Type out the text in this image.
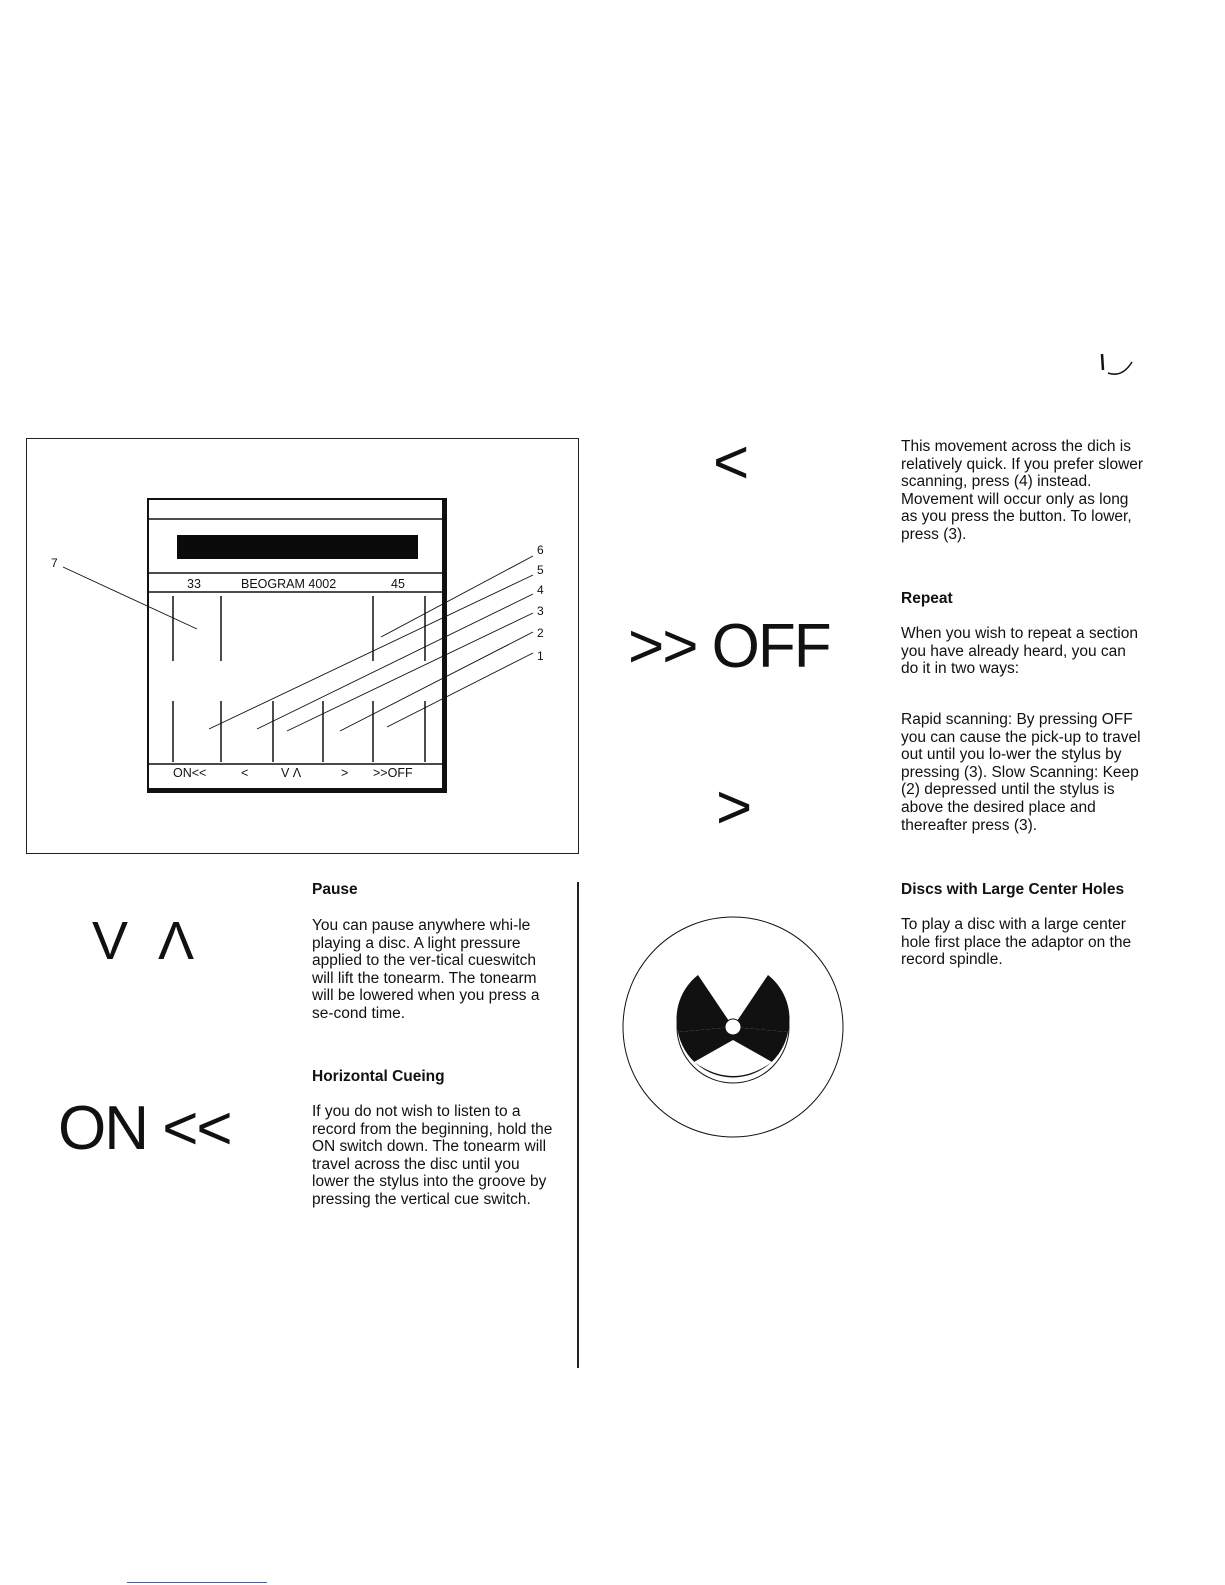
33	BEOGRAM 4002	45
ON<<	<	V Λ	> >>OFF
7
6
5
4
3
2
1
<
>> OFF
>
V  Λ
ON <<

This movement across the dich is relatively quick. If you prefer slower scanning, press (4) instead. Movement will occur only as long as you press the button. To lower, press (3).

Repeat

When you wish to repeat a section you have already heard, you can do it in two ways:

Rapid scanning: By pressing OFF you can cause the pick-up to travel out until you lo-wer the stylus by pressing (3). Slow Scanning: Keep (2) depressed until the stylus is above the desired place and thereafter press (3).

Discs with Large Center Holes

To play a disc with a large center hole first place the adaptor on the record spindle.

Pause

You can pause anywhere whi-le playing a disc. A light pressure applied to the ver-tical cueswitch will lift the tonearm. The tonearm will be lowered when you press a se-cond time.

Horizontal Cueing

If you do not wish to listen to a record from the beginning, hold the ON switch down. The tonearm will travel across the disc until you lower the stylus into the groove by pressing the vertical cue switch.
